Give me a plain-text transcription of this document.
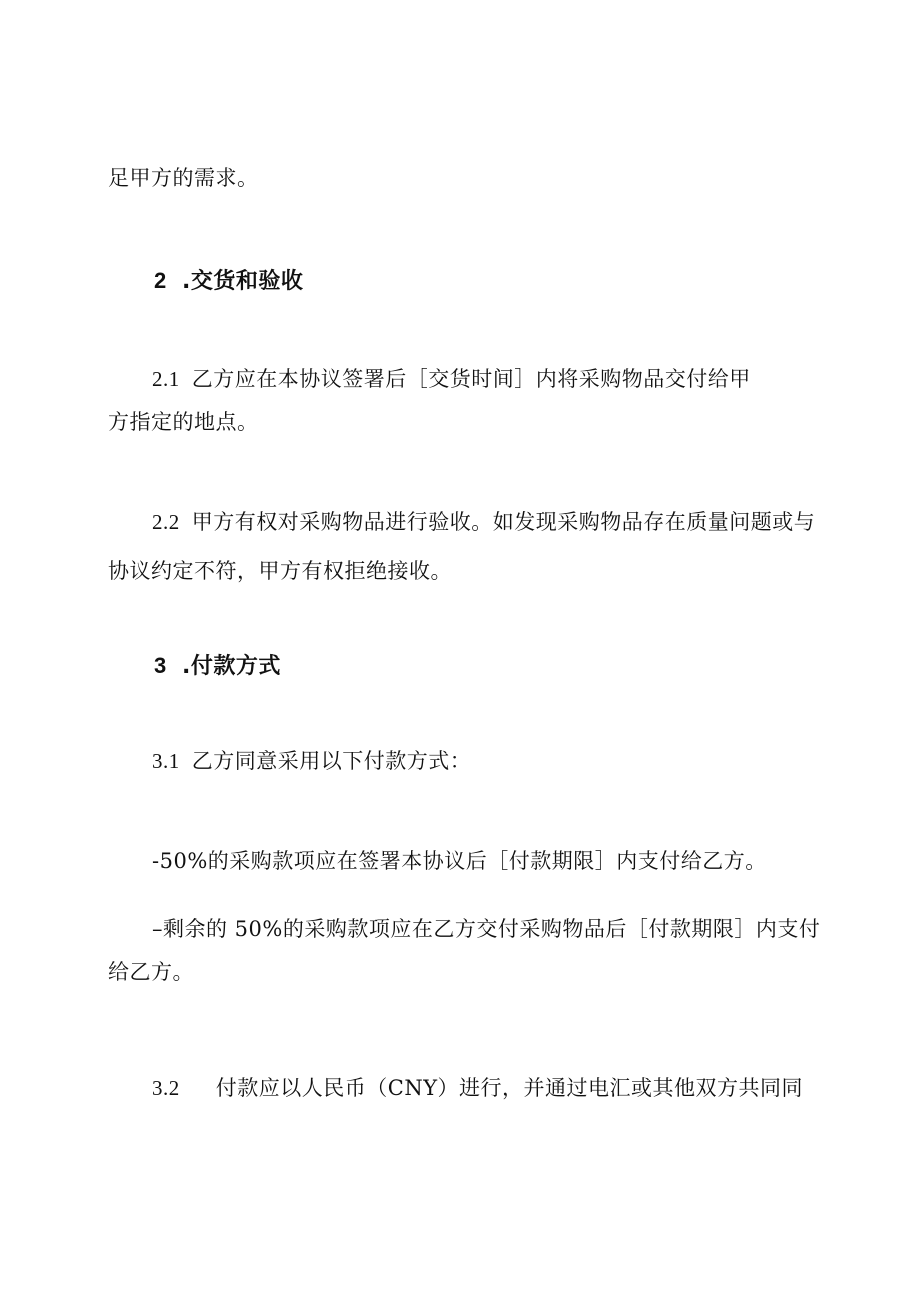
足甲方的需求。
2 .交货和验收
2.1 乙方应在本协议签署后［交货时间］内将采购物品交付给甲
方指定的地点。
2.2 甲方有权对采购物品进行验收。如发现采购物品存在质量问题或与
协议约定不符，甲方有权拒绝接收。
3 .付款方式
3.1 乙方同意采用以下付款方式：
-50%的采购款项应在签署本协议后［付款期限］内支付给乙方。
–剩余的 50%的采购款项应在乙方交付采购物品后［付款期限］内支付
给乙方。
3.2 付款应以人民币（CNY）进行，并通过电汇或其他双方共同同
